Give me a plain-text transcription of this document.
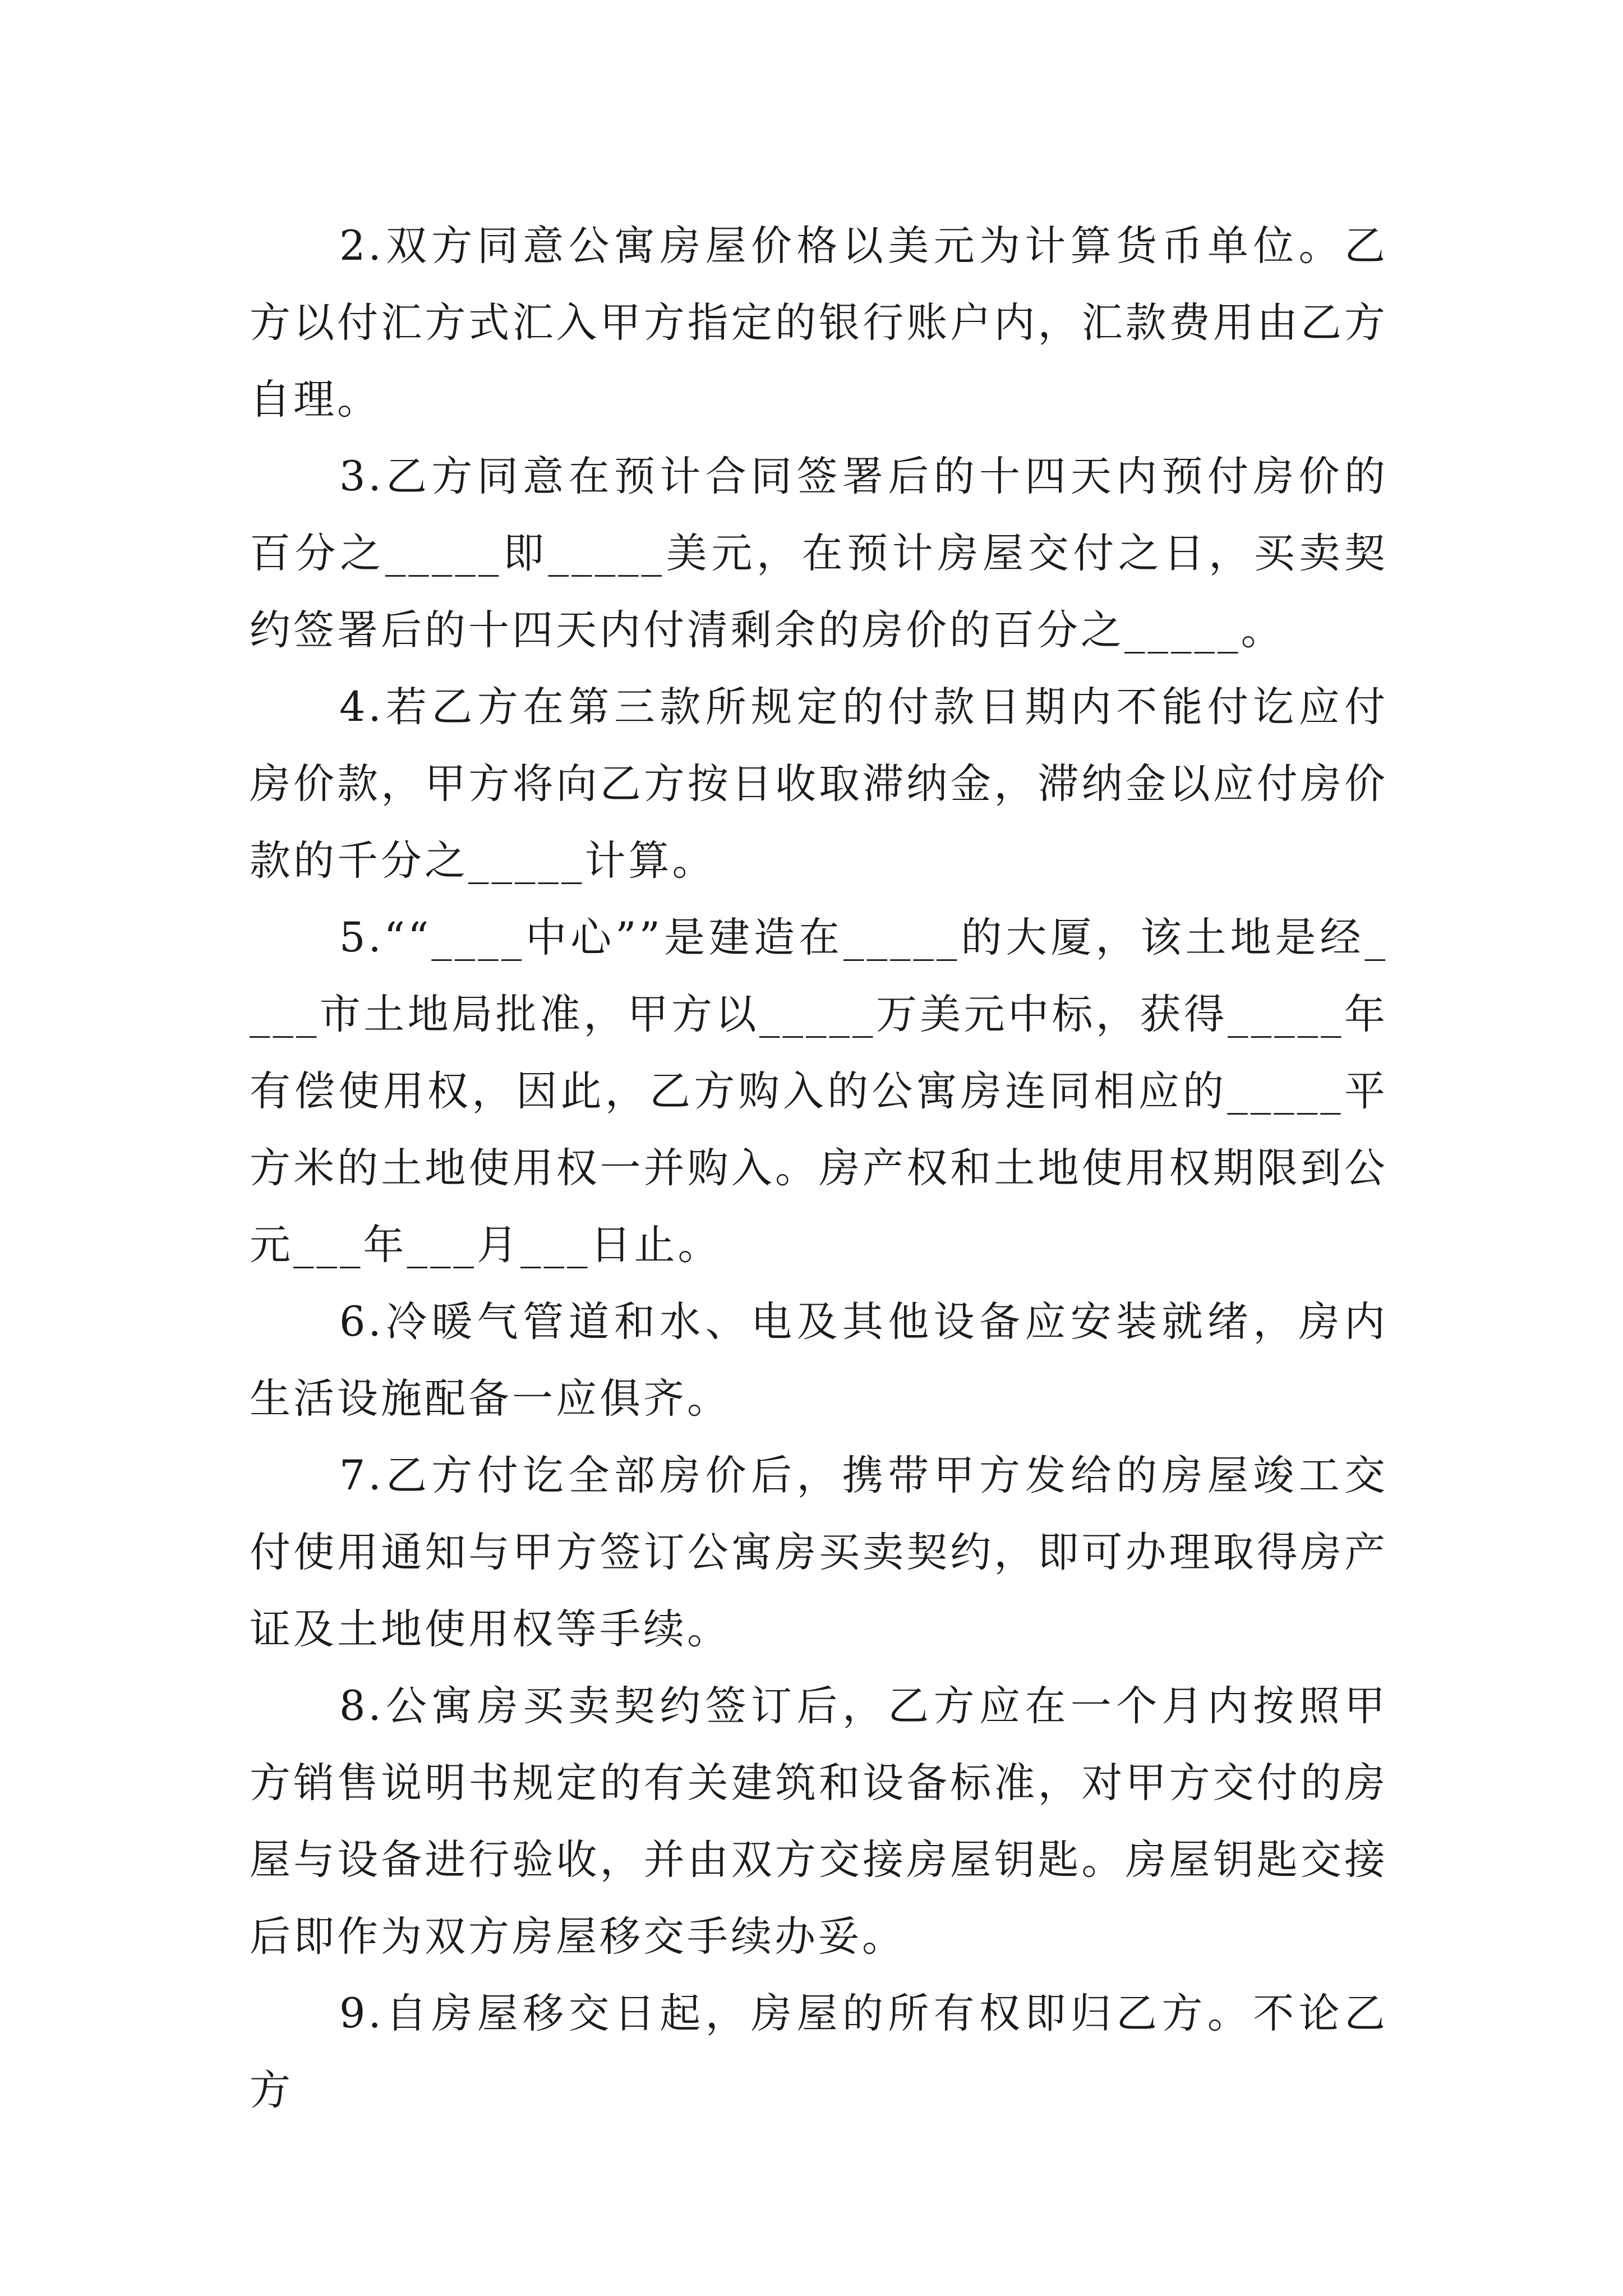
2.双方同意公寓房屋价格以美元为计算货币单位。乙方以付汇方式汇入甲方指定的银行账户内，汇款费用由乙方自理。

3.乙方同意在预计合同签署后的十四天内预付房价的百分之_____即_____美元，在预计房屋交付之日，买卖契约签署后的十四天内付清剩余的房价的百分之_____。

4.若乙方在第三款所规定的付款日期内不能付讫应付房价款，甲方将向乙方按日收取滞纳金，滞纳金以应付房价款的千分之_____计算。

5.““____中心””是建造在_____的大厦，该土地是经____市土地局批准，甲方以_____万美元中标，获得_____年有偿使用权，因此，乙方购入的公寓房连同相应的_____平方米的土地使用权一并购入。房产权和土地使用权期限到公元___年___月___日止。

6.冷暖气管道和水、电及其他设备应安装就绪，房内生活设施配备一应俱齐。

7.乙方付讫全部房价后，携带甲方发给的房屋竣工交付使用通知与甲方签订公寓房买卖契约，即可办理取得房产证及土地使用权等手续。

8.公寓房买卖契约签订后，乙方应在一个月内按照甲方销售说明书规定的有关建筑和设备标准，对甲方交付的房屋与设备进行验收，并由双方交接房屋钥匙。房屋钥匙交接后即作为双方房屋移交手续办妥。

9.自房屋移交日起，房屋的所有权即归乙方。不论乙方
